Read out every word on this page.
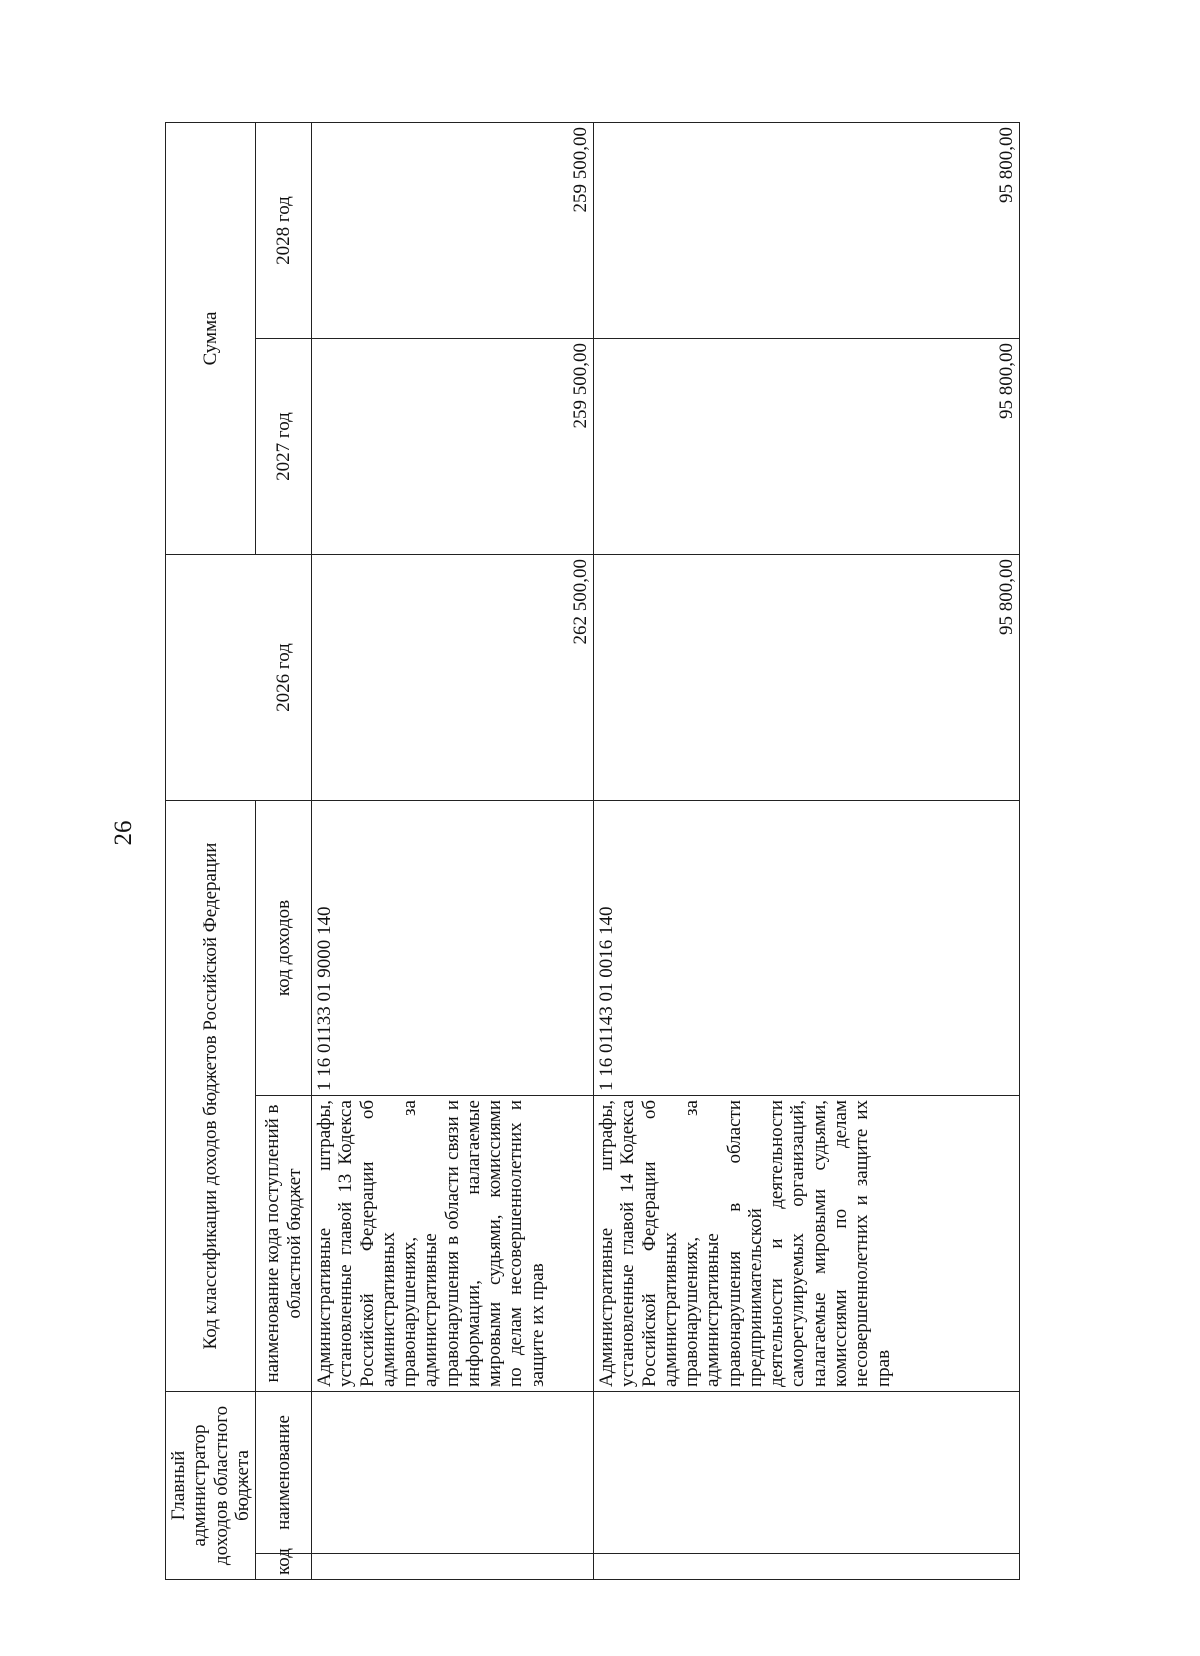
26
Главный администратор доходов областного бюджета		Код классификации доходов бюджетов Российской Федерации			Сумма	
код	наименование	наименование кода поступлений в областной бюджет	код доходов	2026 год	2027 год	2028 год
		Административные штрафы, установленные главой 13 Кодекса Российской Федерации об административных правонарушениях, за административные правонарушения в области связи и информации, налагаемые мировыми судьями, комиссиями по делам несовершеннолетних и защите их прав	1 16 01133 01 9000 140	262 500,00	259 500,00	259 500,00
		Административные штрафы, установленные главой 14 Кодекса Российской Федерации об административных правонарушениях, за административные правонарушения в области предпринимательской деятельности и деятельности саморегулируемых организаций, налагаемые мировыми судьями, комиссиями по делам несовершеннолетних и защите их прав	1 16 01143 01 0016 140	95 800,00	95 800,00	95 800,00
